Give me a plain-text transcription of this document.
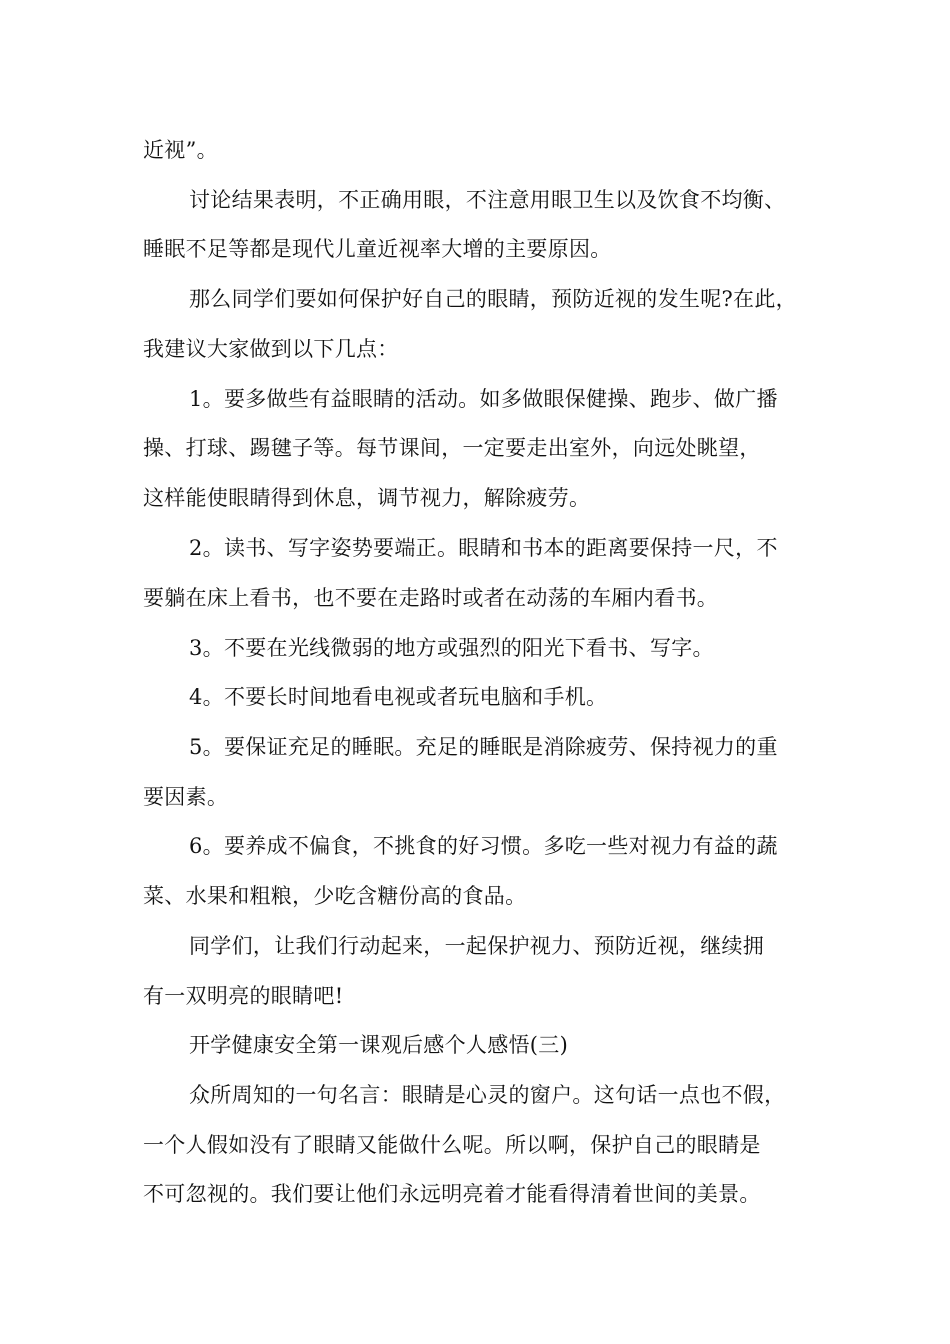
近视”。
讨论结果表明，不正确用眼，不注意用眼卫生以及饮食不均衡、
睡眠不足等都是现代儿童近视率大增的主要原因。
那么同学们要如何保护好自己的眼睛，预防近视的发生呢?在此，
我建议大家做到以下几点：
1。要多做些有益眼睛的活动。如多做眼保健操、跑步、做广播
操、打球、踢毽子等。每节课间，一定要走出室外，向远处眺望，
这样能使眼睛得到休息，调节视力，解除疲劳。
2。读书、写字姿势要端正。眼睛和书本的距离要保持一尺，不
要躺在床上看书，也不要在走路时或者在动荡的车厢内看书。
3。不要在光线微弱的地方或强烈的阳光下看书、写字。
4。不要长时间地看电视或者玩电脑和手机。
5。要保证充足的睡眠。充足的睡眠是消除疲劳、保持视力的重
要因素。
6。要养成不偏食，不挑食的好习惯。多吃一些对视力有益的蔬
菜、水果和粗粮，少吃含糖份高的食品。
同学们，让我们行动起来，一起保护视力、预防近视，继续拥
有一双明亮的眼睛吧!
开学健康安全第一课观后感个人感悟(三)
众所周知的一句名言：眼睛是心灵的窗户。这句话一点也不假，
一个人假如没有了眼睛又能做什么呢。所以啊，保护自己的眼睛是
不可忽视的。我们要让他们永远明亮着才能看得清着世间的美景。
